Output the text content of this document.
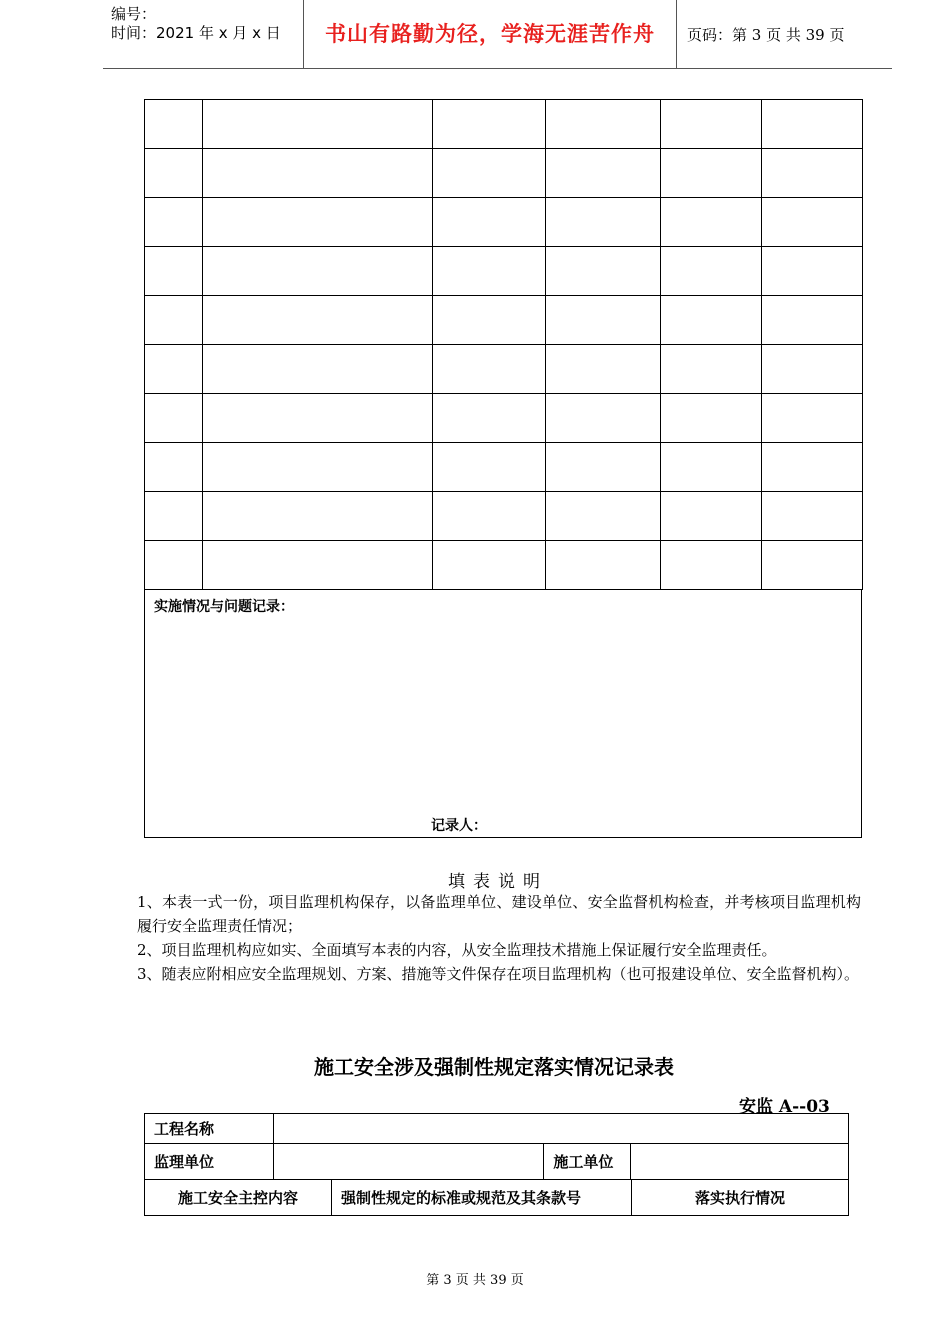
编号：
时间：2021 年 x 月 x 日	书山有路勤为径，学海无涯苦作舟	页码：第 3 页 共 39 页

实施情况与问题记录：
记录人：
填表说明

1、本表一式一份，项目监理机构保存，以备监理单位、建设单位、安全监督机构检查，并考核项目监理机构履行安全监理责任情况；

2、项目监理机构应如实、全面填写本表的内容，从安全监理技术措施上保证履行安全监理责任。

3、随表应附相应安全监理规划、方案、措施等文件保存在项目监理机构（也可报建设单位、安全监督机构）。

施工安全涉及强制性规定落实情况记录表
安监 A--03
工程名称	
监理单位		施工单位	

施工安全主控内容	强制性规定的标准或规范及其条款号	落实执行情况
第 3 页 共 39 页
